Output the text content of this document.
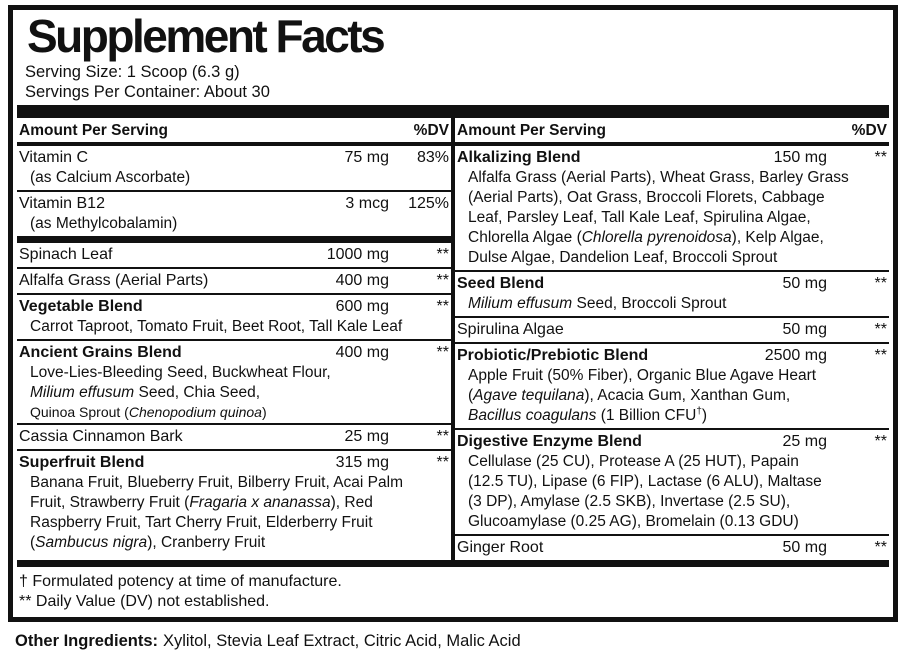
Supplement Facts
Serving Size: 1 Scoop (6.3 g)
Servings Per Container: About 30
Amount Per Serving	%DV
Vitamin C	75 mg	83%
(as Calcium Ascorbate)
Vitamin B12	3 mcg	125%
(as Methylcobalamin)
Spinach Leaf	1000 mg	**
Alfalfa Grass (Aerial Parts)	400 mg	**
Vegetable Blend	600 mg	**
Carrot Taproot, Tomato Fruit, Beet Root, Tall Kale Leaf
Ancient Grains Blend	400 mg	**
Love-Lies-Bleeding Seed, Buckwheat Flour,
Milium effusum Seed, Chia Seed,
Quinoa Sprout (Chenopodium quinoa)
Cassia Cinnamon Bark	25 mg	**
Superfruit Blend	315 mg	**
Banana Fruit, Blueberry Fruit, Bilberry Fruit, Acai Palm
Fruit, Strawberry Fruit (Fragaria x ananassa), Red
Raspberry Fruit, Tart Cherry Fruit, Elderberry Fruit
(Sambucus nigra), Cranberry Fruit
Amount Per Serving	%DV
Alkalizing Blend	150 mg	**
Alfalfa Grass (Aerial Parts), Wheat Grass, Barley Grass
(Aerial Parts), Oat Grass, Broccoli Florets, Cabbage
Leaf, Parsley Leaf, Tall Kale Leaf, Spirulina Algae,
Chlorella Algae (Chlorella pyrenoidosa), Kelp Algae,
Dulse Algae, Dandelion Leaf, Broccoli Sprout
Seed Blend	50 mg	**
Milium effusum Seed, Broccoli Sprout
Spirulina Algae	50 mg	**
Probiotic/Prebiotic Blend	2500 mg	**
Apple Fruit (50% Fiber), Organic Blue Agave Heart
(Agave tequilana), Acacia Gum, Xanthan Gum,
Bacillus coagulans (1 Billion CFU†)
Digestive Enzyme Blend	25 mg	**
Cellulase (25 CU), Protease A (25 HUT), Papain
(12.5 TU), Lipase (6 FIP), Lactase (6 ALU), Maltase
(3 DP), Amylase (2.5 SKB), Invertase (2.5 SU),
Glucoamylase (0.25 AG), Bromelain (0.13 GDU)
Ginger Root	50 mg	**
† Formulated potency at time of manufacture.
** Daily Value (DV) not established.
Other Ingredients: Xylitol, Stevia Leaf Extract, Citric Acid, Malic Acid
